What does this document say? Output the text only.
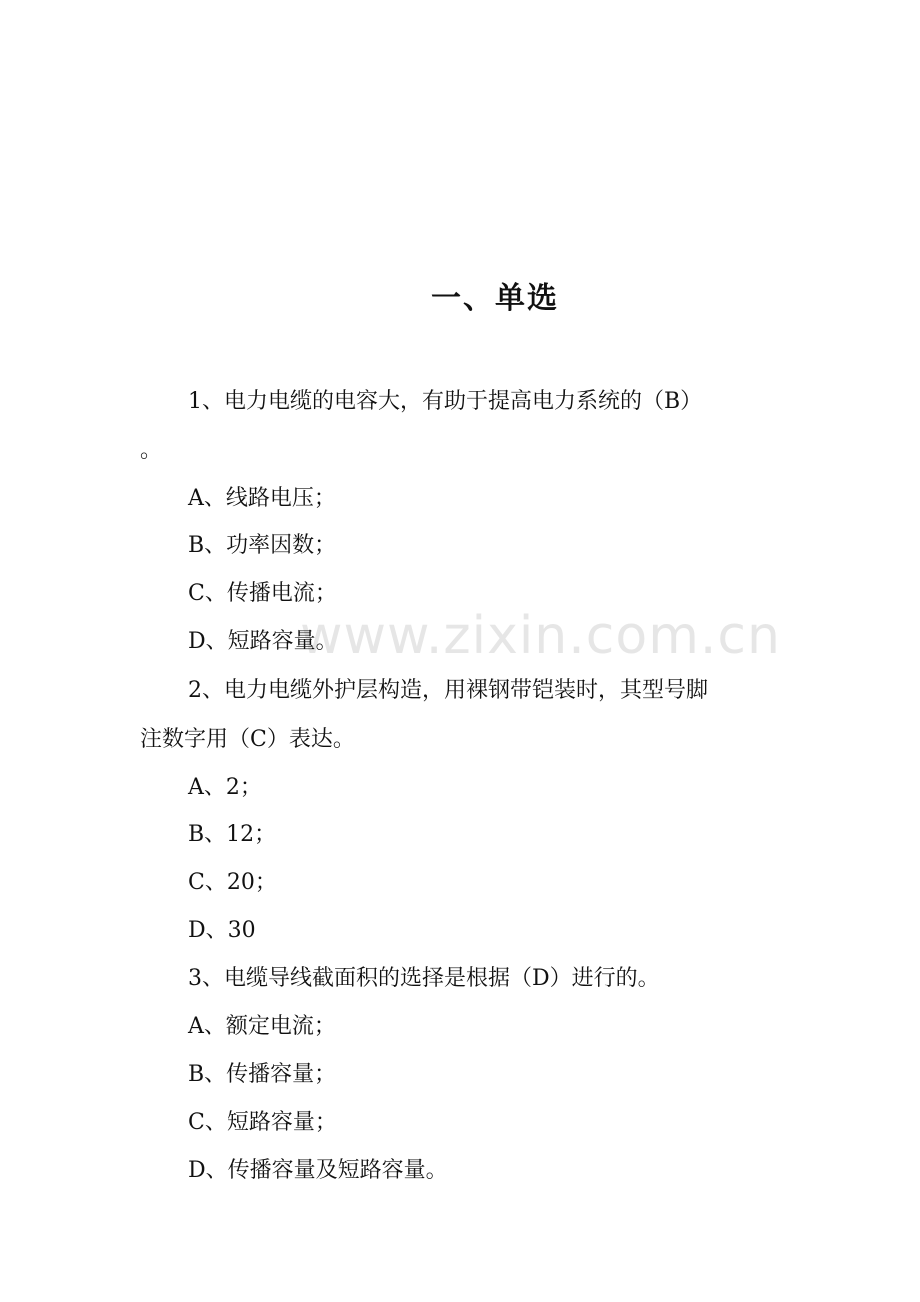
www.zixin.com.cn
一、单选
1、电力电缆的电容大，有助于提高电力系统的（B）
。
A、线路电压；
B、功率因数；
C、传播电流；
D、短路容量。
2、电力电缆外护层构造，用裸钢带铠装时，其型号脚
注数字用（C）表达。
A、2；
B、12；
C、20；
D、30
3、电缆导线截面积的选择是根据（D）进行的。
A、额定电流；
B、传播容量；
C、短路容量；
D、传播容量及短路容量。
